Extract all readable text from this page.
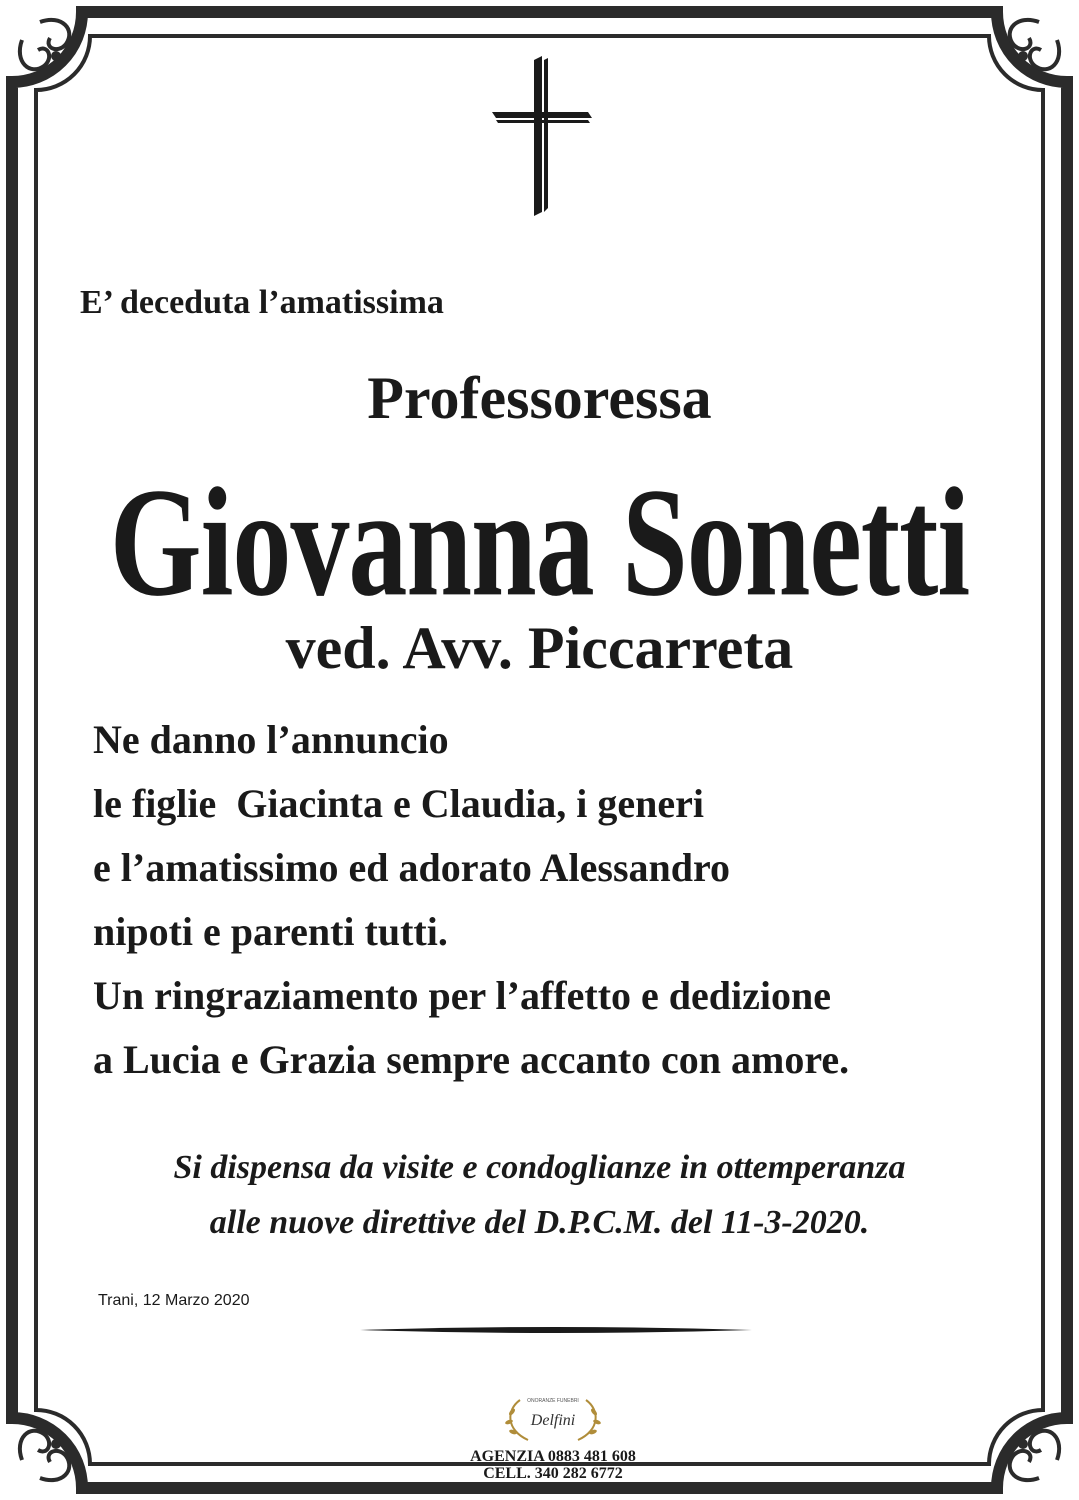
E’ deceduta l’amatissima
Professoressa
Giovanna Sonetti
ved. Avv. Piccarreta
Ne danno l’annuncio
le figlie  Giacinta e Claudia, i generi
e l’amatissimo ed adorato Alessandro
nipoti e parenti tutti.
Un ringraziamento per l’affetto e dedizione
a Lucia e Grazia sempre accanto con amore.
Si dispensa da visite e condoglianze in ottemperanza
alle nuove direttive del D.P.C.M. del 11-3-2020.
Trani, 12 Marzo 2020
ONORANZE FUNEBRI
Delfini
AGENZIA 0883 481 608
CELL. 340 282 6772
